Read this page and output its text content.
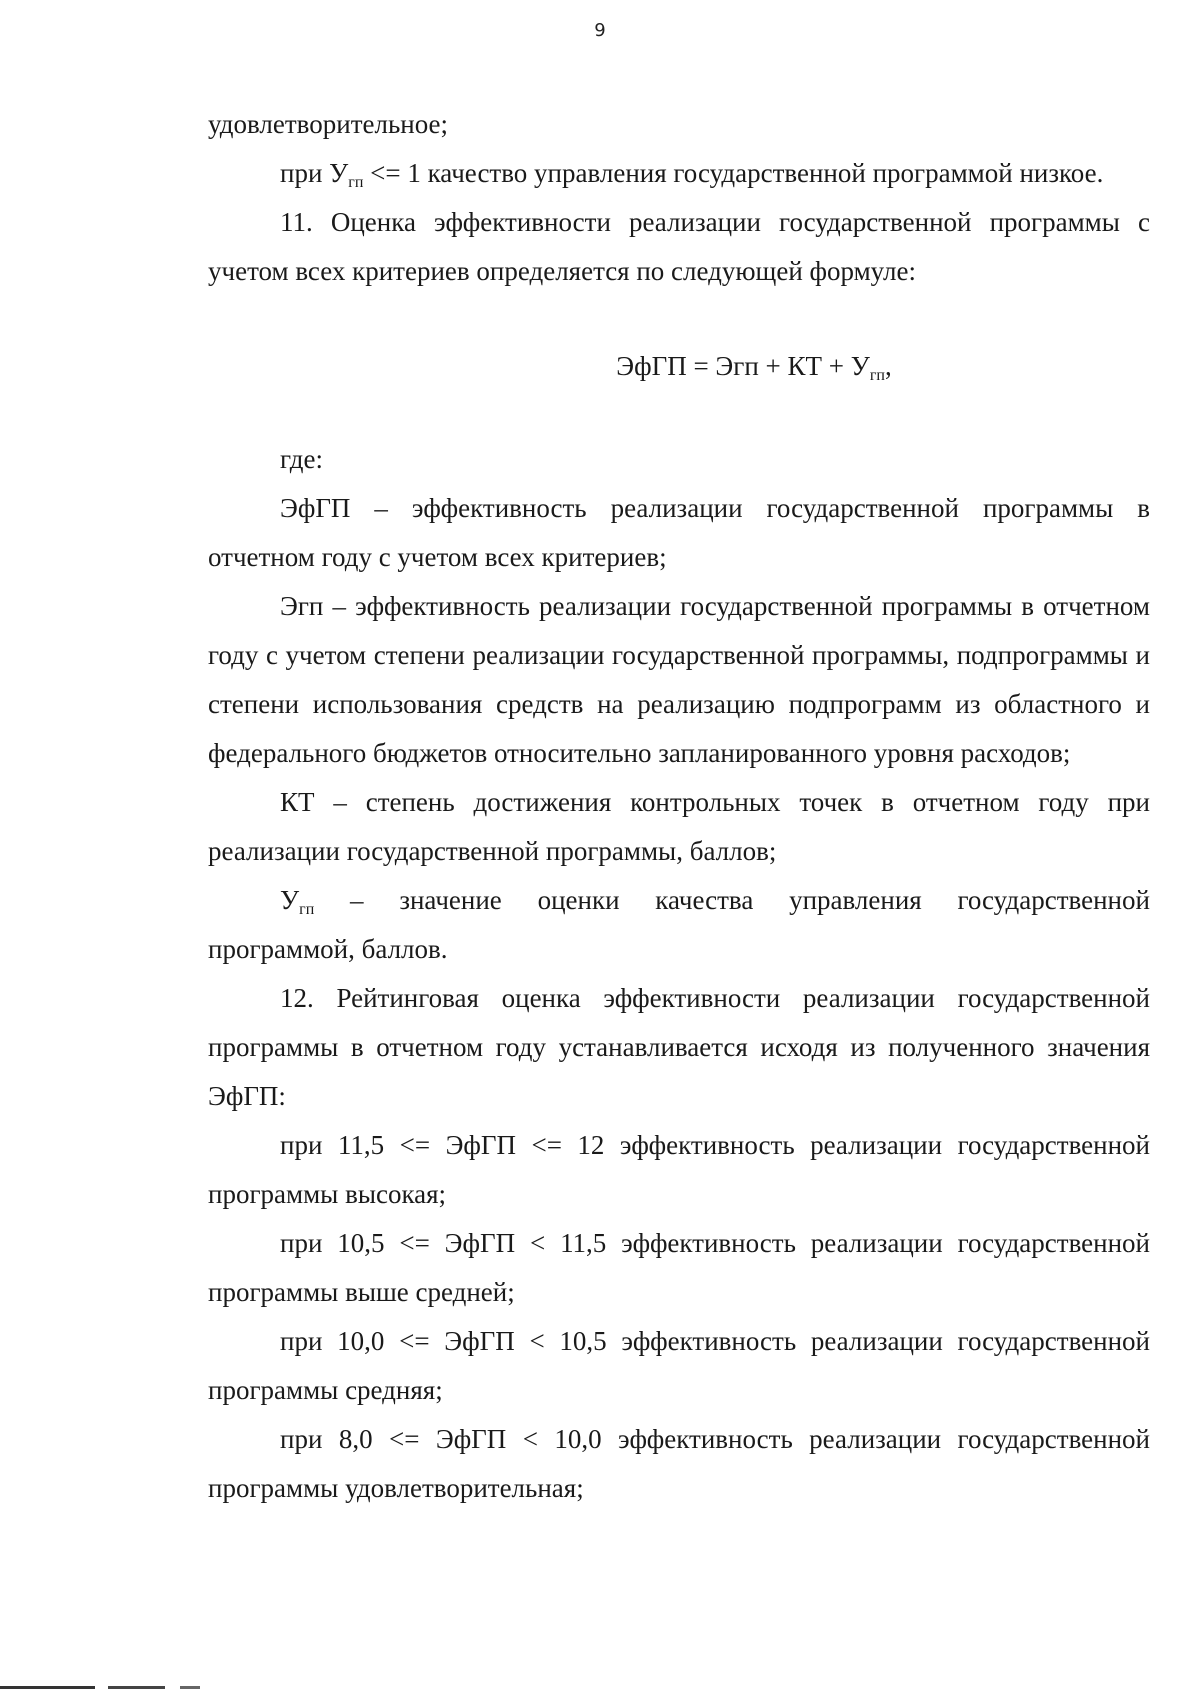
9

удовлетворительное;

при $У_{гп} <= 1$ качество управления государственной программой низкое.

11. Оценка эффективности реализации государственной программы с учетом всех критериев определяется по следующей формуле:

ЭфГП = Эгп + КТ + $У_{гп}$,

где:

ЭфГП – эффективность реализации государственной программы в отчетном году с учетом всех критериев;

Эгп – эффективность реализации государственной программы в отчетном году с учетом степени реализации государственной программы, подпрограммы и степени использования средств на реализацию подпрограмм из областного и федерального бюджетов относительно запланированного уровня расходов;

КТ – степень достижения контрольных точек в отчетном году при реализации государственной программы, баллов;

$У_{гп}$ – значение оценки качества управления государственной

программой, баллов.

12. Рейтинговая оценка эффективности реализации государственной программы в отчетном году устанавливается исходя из полученного значения ЭфГП:

при 11,5 <= ЭфГП <= 12 эффективность реализации государственной программы высокая;

при 10,5 <= ЭфГП < 11,5 эффективность реализации государственной программы выше средней;

при 10,0 <= ЭфГП < 10,5 эффективность реализации государственной программы средняя;

при 8,0 <= ЭфГП < 10,0 эффективность реализации государственной программы удовлетворительная;
